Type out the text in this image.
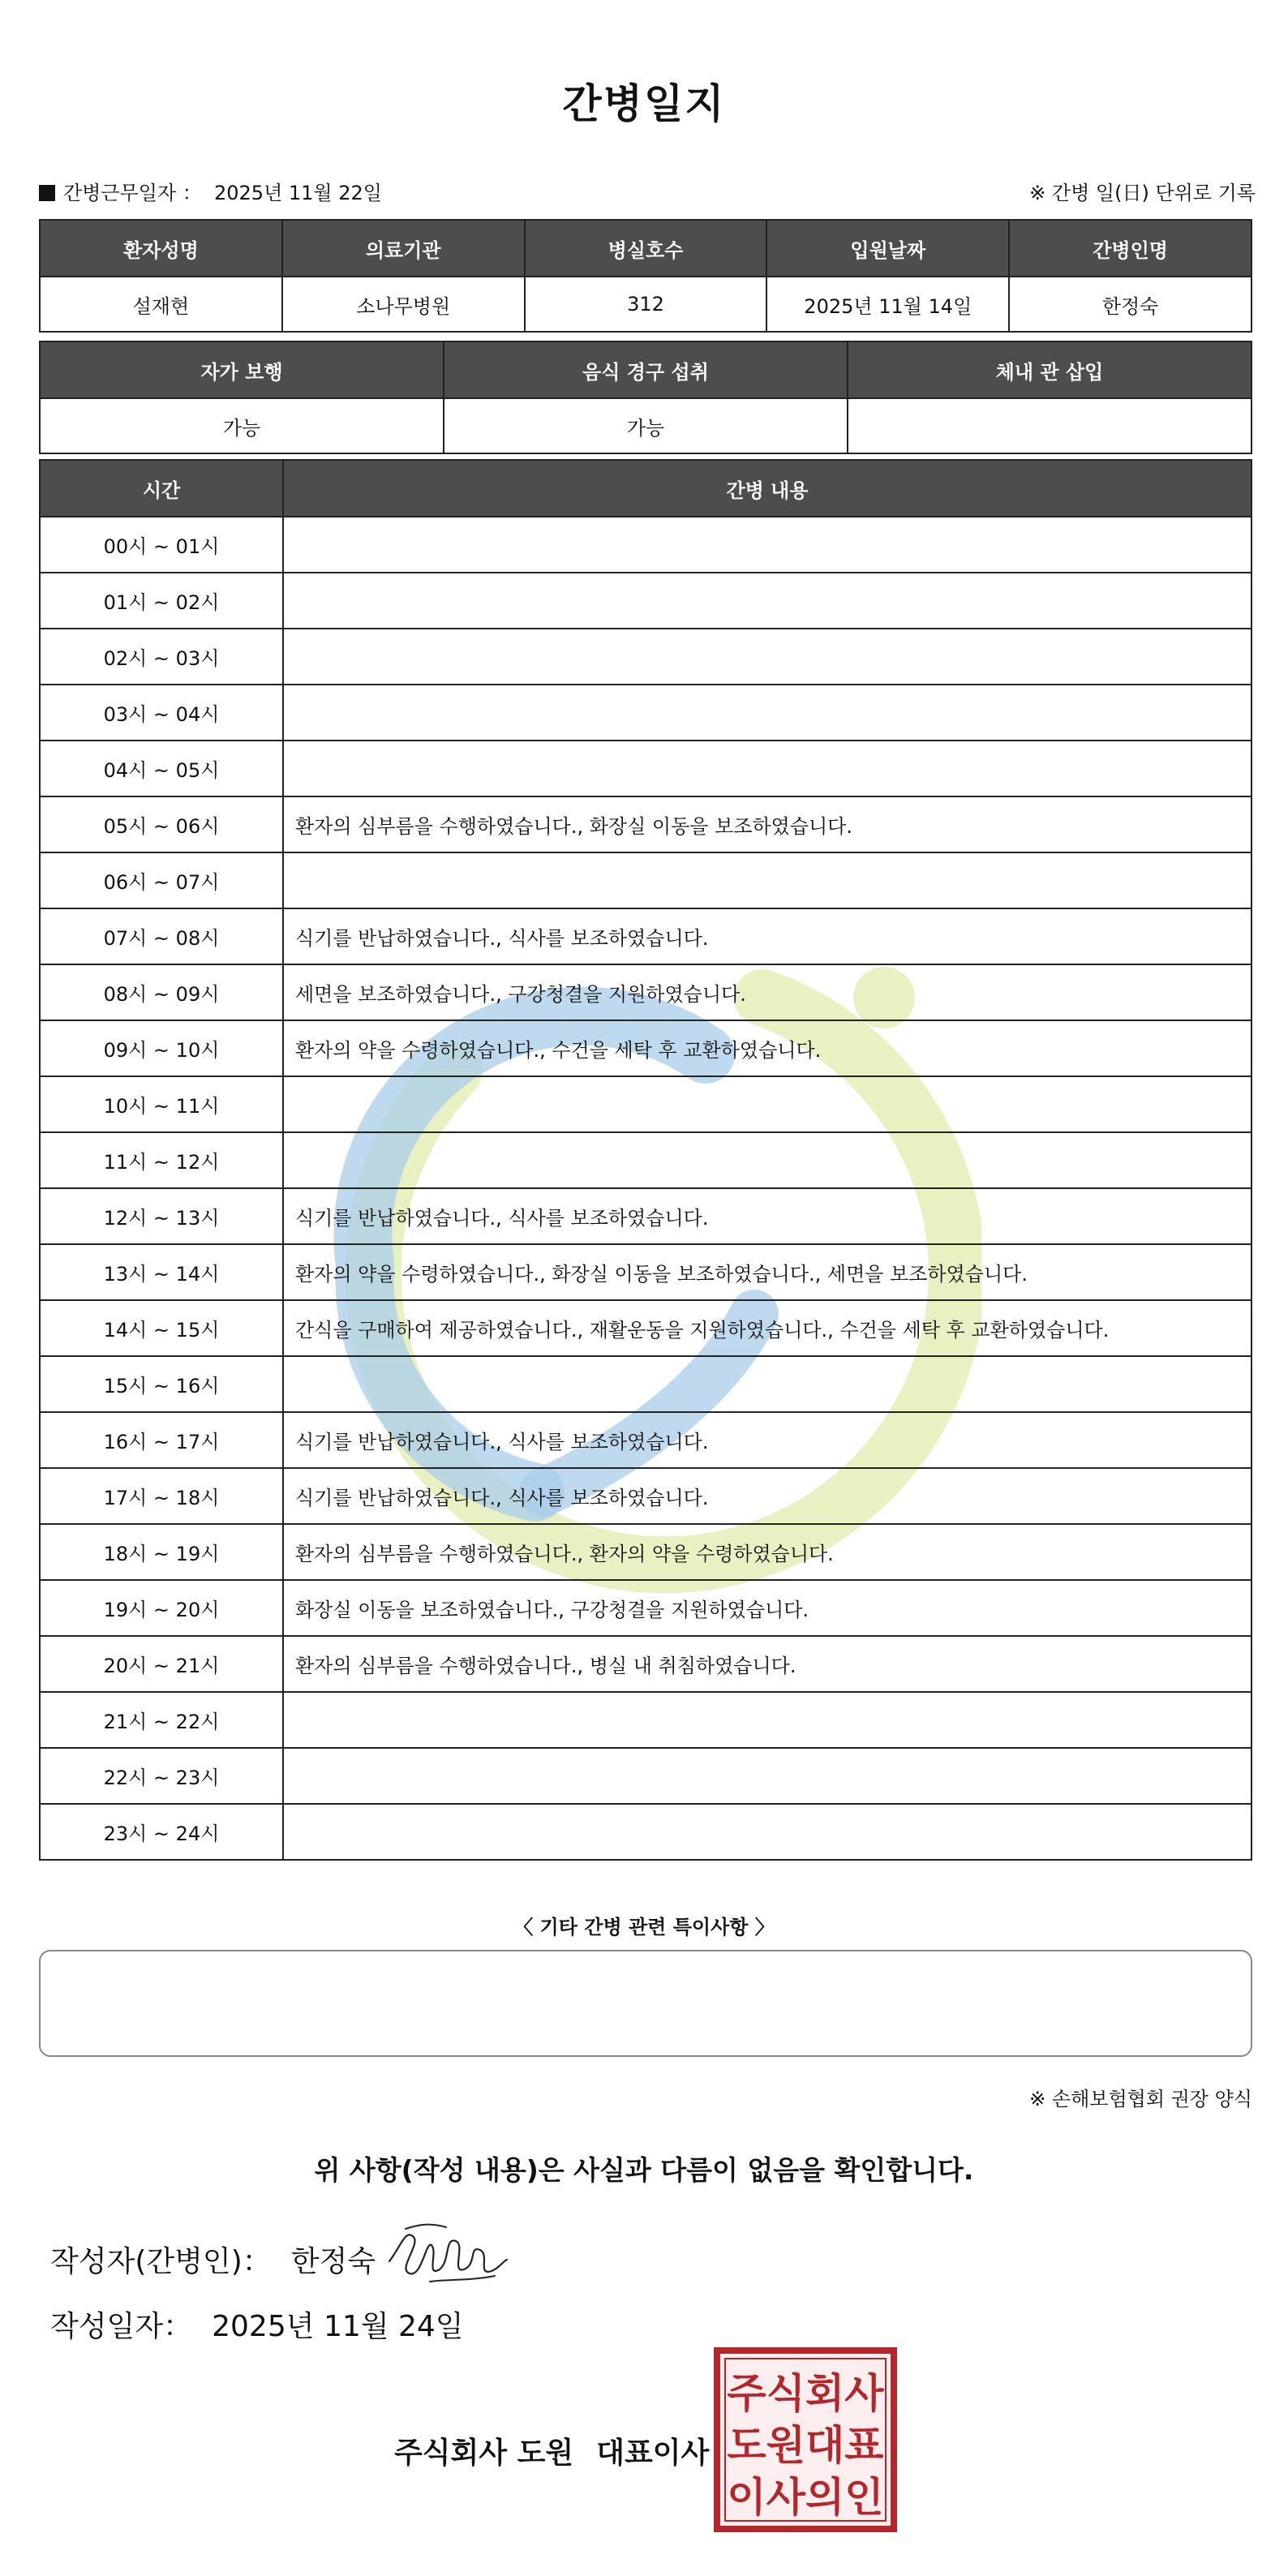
간병일지
간병근무일자 ： 2025년 11월 22일	※ 간병 일(日) 단위로 기록
환자성명	의료기관	병실호수	입원날짜	간병인명
설재현	소나무병원	312	2025년 11월 14일	한정숙
자가 보행	음식 경구 섭취	체내 관 삽입
가능	가능	
시간	간병 내용
00시 ~ 01시	
01시 ~ 02시	
02시 ~ 03시	
03시 ~ 04시	
04시 ~ 05시	
05시 ~ 06시	환자의 심부름을 수행하였습니다., 화장실 이동을 보조하였습니다.
06시 ~ 07시	
07시 ~ 08시	식기를 반납하였습니다., 식사를 보조하였습니다.
08시 ~ 09시	세면을 보조하였습니다., 구강청결을 지원하였습니다.
09시 ~ 10시	환자의 약을 수령하였습니다., 수건을 세탁 후 교환하였습니다.
10시 ~ 11시	
11시 ~ 12시	
12시 ~ 13시	식기를 반납하였습니다., 식사를 보조하였습니다.
13시 ~ 14시	환자의 약을 수령하였습니다., 화장실 이동을 보조하였습니다., 세면을 보조하였습니다.
14시 ~ 15시	간식을 구매하여 제공하였습니다., 재활운동을 지원하였습니다., 수건을 세탁 후 교환하였습니다.
15시 ~ 16시	
16시 ~ 17시	식기를 반납하였습니다., 식사를 보조하였습니다.
17시 ~ 18시	식기를 반납하였습니다., 식사를 보조하였습니다.
18시 ~ 19시	환자의 심부름을 수행하였습니다., 환자의 약을 수령하였습니다.
19시 ~ 20시	화장실 이동을 보조하였습니다., 구강청결을 지원하였습니다.
20시 ~ 21시	환자의 심부름을 수행하였습니다., 병실 내 취침하였습니다.
21시 ~ 22시	
22시 ~ 23시	
23시 ~ 24시	
〈 기타 간병 관련 특이사항 〉
※ 손해보험협회 권장 양식
위 사항(작성 내용)은 사실과 다름이 없음을 확인합니다.
작성자(간병인)： 한정숙
작성일자： 2025년 11월 24일
주식회사 도원 대표이사
주식회사
도원대표
이사의인
